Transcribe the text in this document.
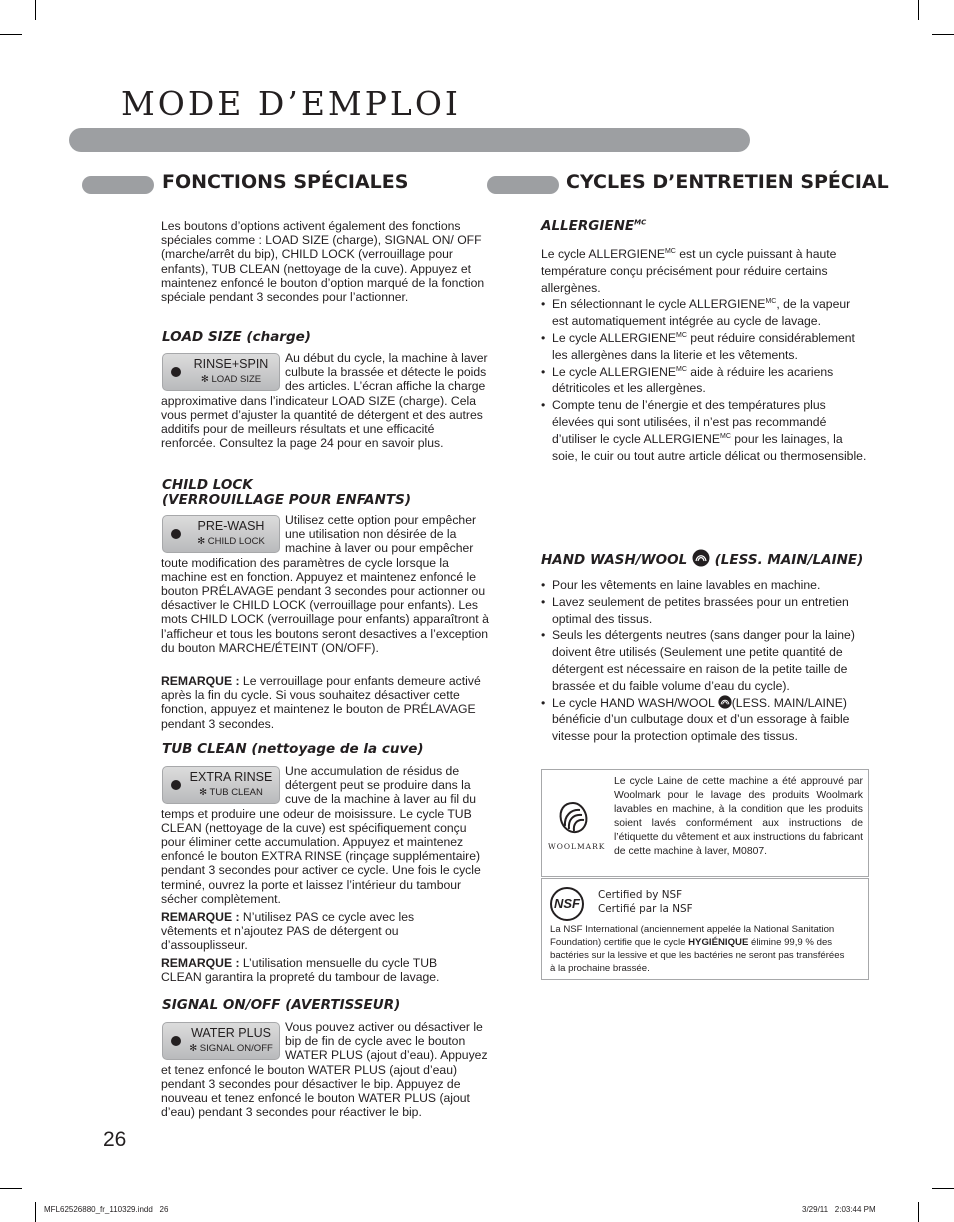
MODE D’EMPLOI
FONCTIONS SPÉCIALES

Les boutons d’options activent également des fonctions spéciales comme : LOAD SIZE (charge), SIGNAL ON/ OFF (marche/arrêt du bip), CHILD LOCK (verrouillage pour enfants), TUB CLEAN (nettoyage de la cuve). Appuyez et maintenez enfoncé le bouton d’option marqué de la fonction spéciale pendant 3 secondes pour l’actionner.

LOAD SIZE (charge)
RINSE+SPIN
✻ LOAD SIZE

Au début du cycle, la machine à laver culbute la brassée et détecte le poids des articles. L’écran affiche la charge approximative dans l’indicateur LOAD SIZE (charge). Cela vous permet d’ajuster la quantité de détergent et des autres additifs pour de meilleurs résultats et une efficacité renforcée. Consultez la page 24 pour en savoir plus.

CHILD LOCK
(VERROUILLAGE POUR ENFANTS)
PRE-WASH
✻ CHILD LOCK

Utilisez cette option pour empêcher une utilisation non désirée de la machine à laver ou pour empêcher toute modification des paramètres de cycle lorsque la machine est en fonction. Appuyez et maintenez enfoncé le bouton PRÉLAVAGE pendant 3 secondes pour actionner ou désactiver le CHILD LOCK (verrouillage pour enfants). Les mots CHILD LOCK (verrouillage pour enfants) apparaîtront à l’afficheur et tous les boutons seront desactives a l’exception du bouton MARCHE/ÉTEINT (ON/OFF).

REMARQUE : Le verrouillage pour enfants demeure activé après la fin du cycle. Si vous souhaitez désactiver cette fonction, appuyez et maintenez le bouton de PRÉLAVAGE pendant 3 secondes.

TUB CLEAN (nettoyage de la cuve)
EXTRA RINSE
✻ TUB CLEAN

Une accumulation de résidus de détergent peut se produire dans la cuve de la machine à laver au fil du temps et produire une odeur de moisissure. Le cycle TUB CLEAN (nettoyage de la cuve) est spécifiquement conçu pour éliminer cette accumulation. Appuyez et maintenez enfoncé le bouton EXTRA RINSE (rinçage supplémentaire) pendant 3 secondes pour activer ce cycle. Une fois le cycle terminé, ouvrez la porte et laissez l’intérieur du tambour sécher complètement.

REMARQUE : N’utilisez PAS ce cycle avec les vêtements et n’ajoutez PAS de détergent ou d’assouplisseur.

REMARQUE : L’utilisation mensuelle du cycle TUB CLEAN garantira la propreté du tambour de lavage.

SIGNAL ON/OFF (AVERTISSEUR)
WATER PLUS
✻ SIGNAL ON/OFF

Vous pouvez activer ou désactiver le bip de fin de cycle avec le bouton WATER PLUS (ajout d’eau). Appuyez et tenez enfoncé le bouton WATER PLUS (ajout d’eau) pendant 3 secondes pour désactiver le bip. Appuyez de nouveau et tenez enfoncé le bouton WATER PLUS (ajout d’eau) pendant 3 secondes pour réactiver le bip.

26
CYCLES D’ENTRETIEN SPÉCIAL
$ALLERGIENE^{MC}$

Le cycle $ALLERGIENE^{MC}$ est un cycle puissant à haute température conçu précisément pour réduire certains allergènes.

•  En sélectionnant le cycle $ALLERGIENE^{MC}$, de la vapeur est automatiquement intégrée au cycle de lavage.

•  Le cycle $ALLERGIENE^{MC}$ peut réduire considérablement les allergènes dans la literie et les vêtements.

•  Le cycle $ALLERGIENE^{MC}$ aide à réduire les acariens détriticoles et les allergènes.

•  Compte tenu de l’énergie et des températures plus élevées qui sont utilisées, il n’est pas recommandé d’utiliser le cycle $ALLERGIENE^{MC}$ pour les lainages, la soie, le cuir ou tout autre article délicat ou thermosensible.

HAND WASH/WOOL (LESS. MAIN/LAINE)

•  Pour les vêtements en laine lavables en machine.

•  Lavez seulement de petites brassées pour un entretien optimal des tissus.

•  Seuls les détergents neutres (sans danger pour la laine) doivent être utilisés (Seulement une petite quantité de détergent est nécessaire en raison de la petite taille de brassée et du faible volume d’eau du cycle).

•  Le cycle HAND WASH/WOOL (LESS. MAIN/LAINE) bénéficie d’un culbutage doux et d’un essorage à faible vitesse pour la protection optimale des tissus.

WOOLMARK

Le cycle Laine de cette machine a été approuvé par Woolmark pour le lavage des produits Woolmark lavables en machine, à la condition que les produits soient lavés conformément aux instructions de l’étiquette du vêtement et aux instructions du fabricant de cette machine à laver, M0807.

NSF
Certified by NSF
Certifié par la NSF

La NSF International (anciennement appelée la National Sanitation Foundation) certifie que le cycle HYGIÉNIQUE élimine 99,9 % des bactéries sur la lessive et que les bactéries ne seront pas transférées à la prochaine brassée.

MFL62526880_fr_110329.indd   26	3/29/11   2:03:44 PM
